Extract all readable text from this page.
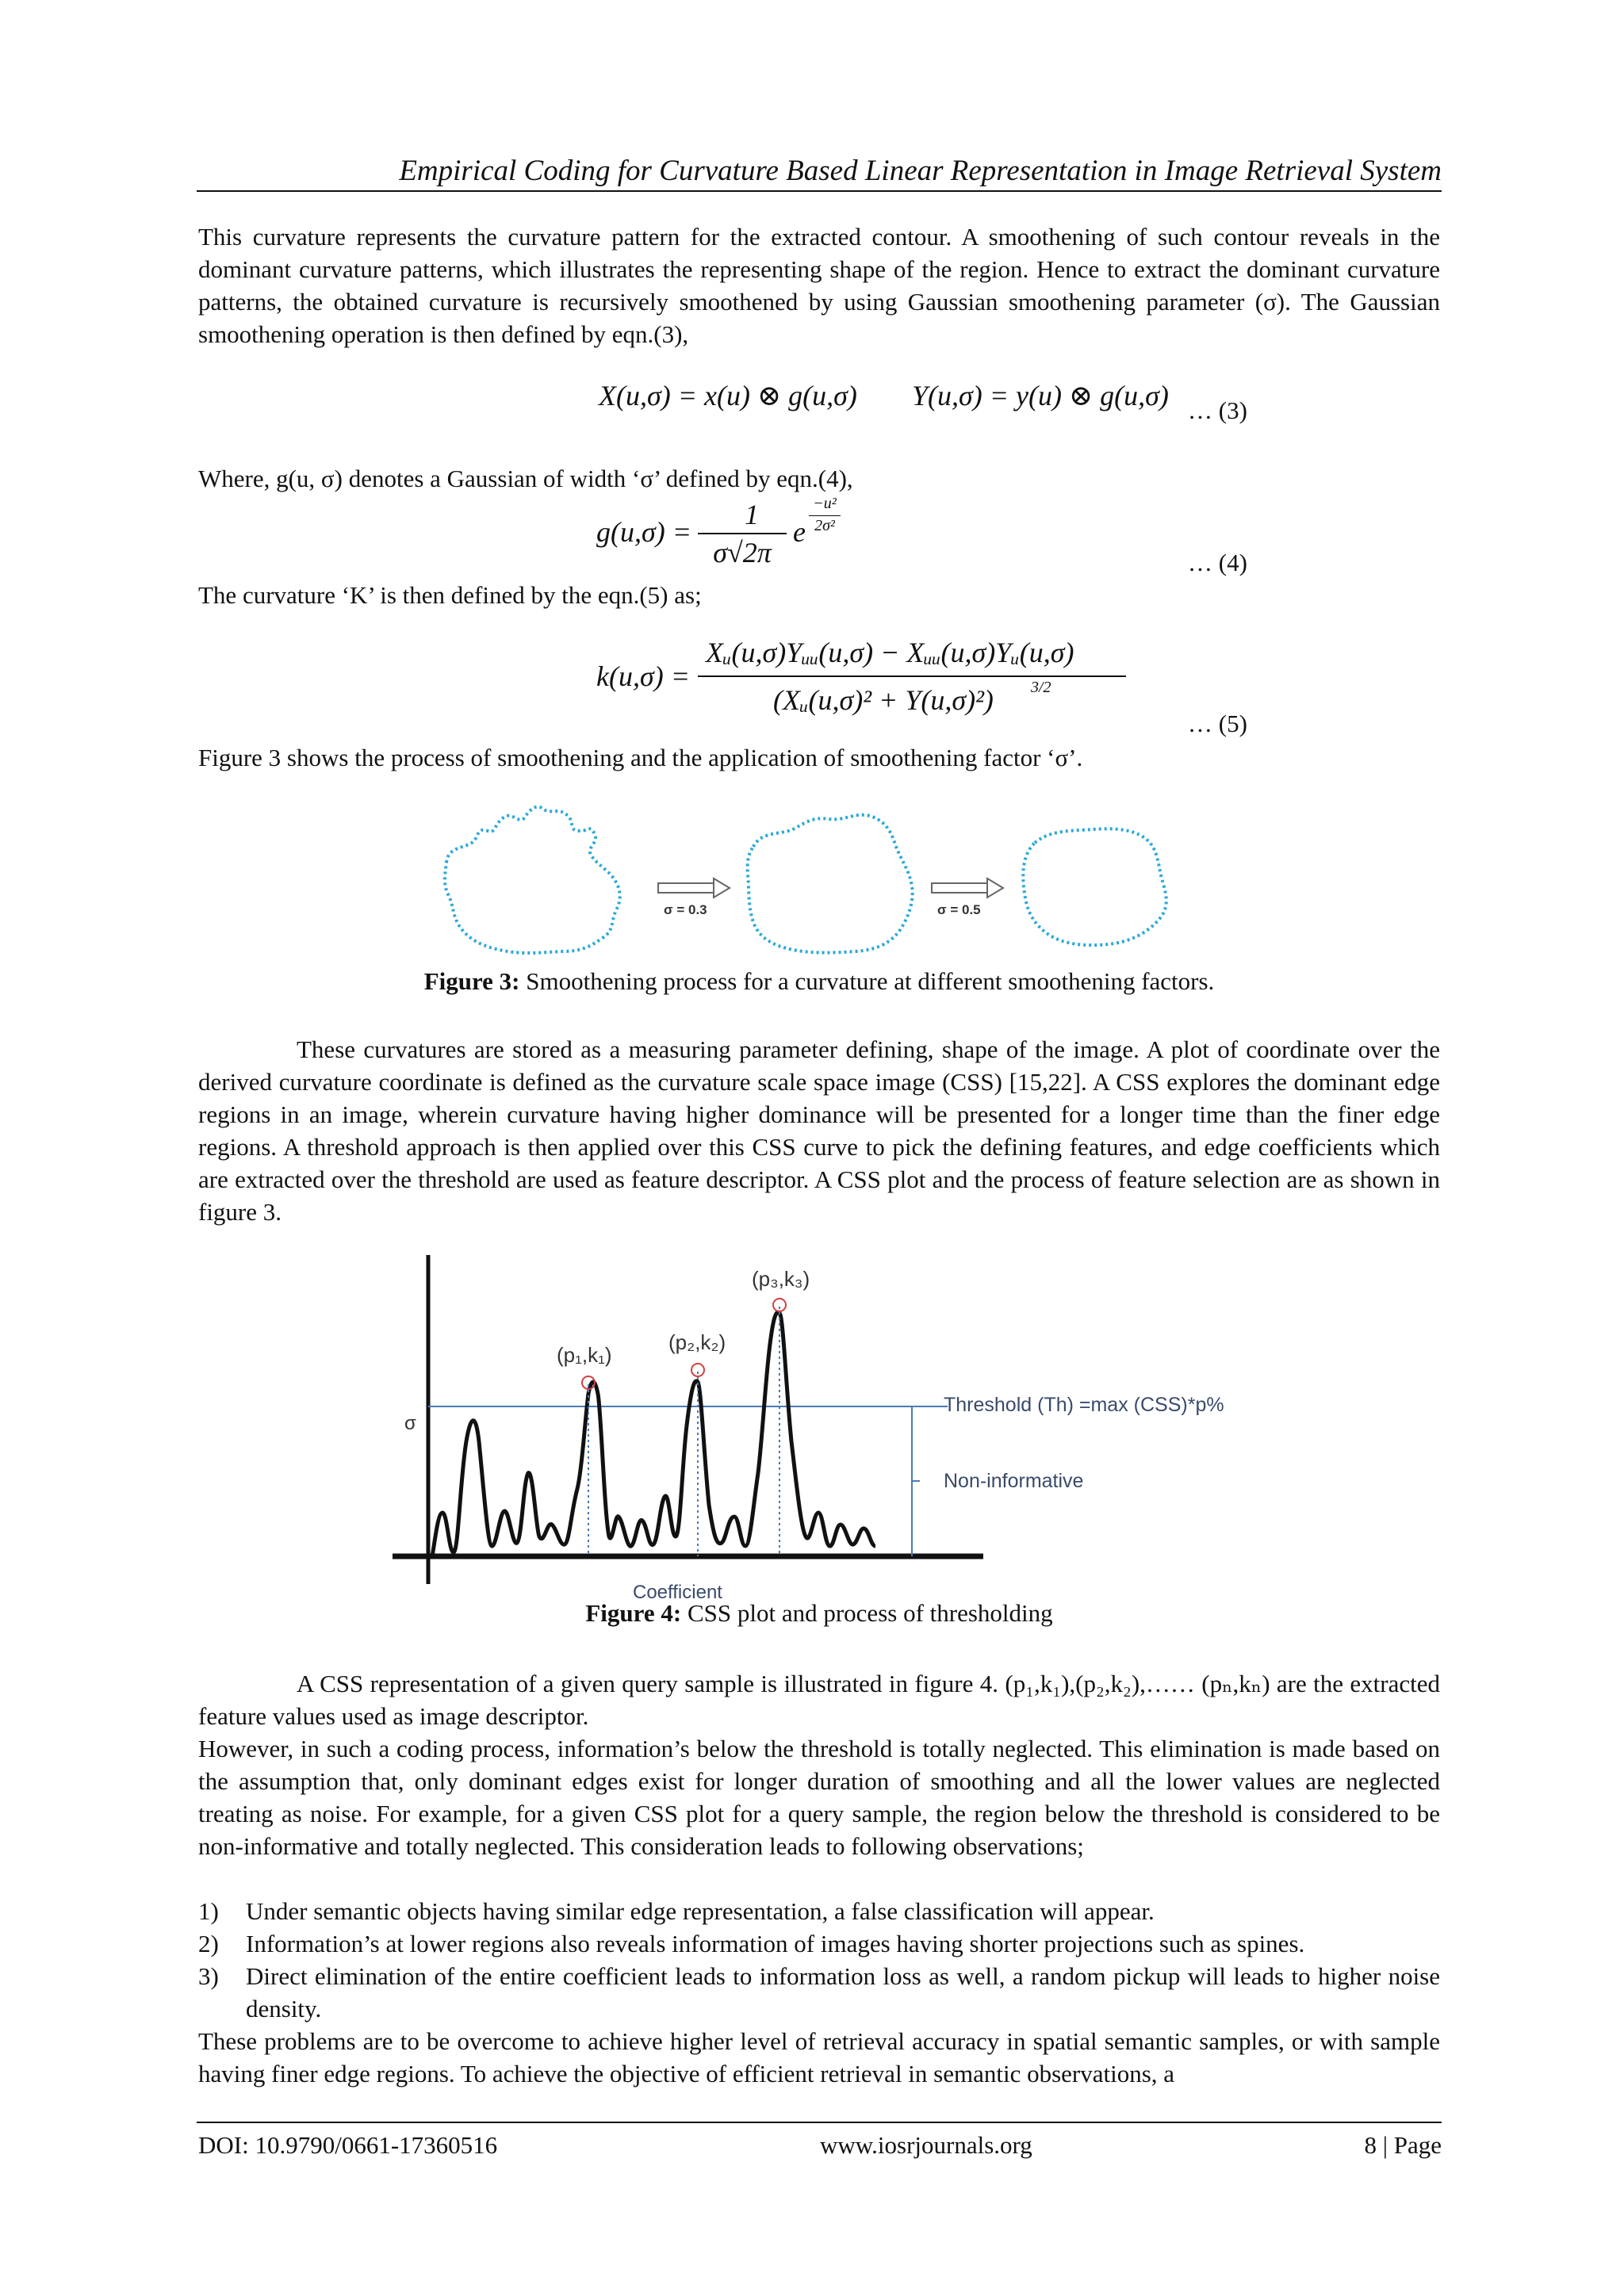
Empirical Coding for Curvature Based Linear Representation in Image Retrieval System
This curvature represents the curvature pattern for the extracted contour. A smoothening of such contour reveals in the dominant curvature patterns, which illustrates the representing shape of the region. Hence to extract the dominant curvature patterns, the obtained curvature is recursively smoothened by using Gaussian smoothening parameter (σ). The Gaussian smoothening operation is then defined by eqn.(3),
X(u,σ) = x(u) ⊗ g(u,σ) Y(u,σ) = y(u) ⊗ g(u,σ) … (3)
Where, g(u, σ) denotes a Gaussian of width ‘σ’ defined by eqn.(4),
g(u,σ) =
1
σ√2π
e
−u²
2σ²
… (4)
The curvature ‘K’ is then defined by the eqn.(5) as;
k(u,σ) =
Xᵤ(u,σ)Yᵤᵤ(u,σ) − Xᵤᵤ(u,σ)Yᵤ(u,σ)
(Xᵤ(u,σ)² + Y(u,σ)²) 3/2
… (5)
Figure 3 shows the process of smoothening and the application of smoothening factor ‘σ’.
σ = 0.3	σ = 0.5
Figure 3: Smoothening process for a curvature at different smoothening factors.
These curvatures are stored as a measuring parameter defining, shape of the image. A plot of coordinate over the derived curvature coordinate is defined as the curvature scale space image (CSS) [15,22]. A CSS explores the dominant edge regions in an image, wherein curvature having higher dominance will be presented for a longer time than the finer edge regions. A threshold approach is then applied over this CSS curve to pick the defining features, and edge coefficients which are extracted over the threshold are used as feature descriptor. A CSS plot and the process of feature selection are as shown in figure 3.
σ
(p₁,k₁)
(p₂,k₂)
(p₃,k₃)
Threshold (Th) =max (CSS)*p%
Non-informative
Coefficient
Figure 4: CSS plot and process of thresholding
A CSS representation of a given query sample is illustrated in figure 4. (p₁,k₁),(p₂,k₂),…… (pₙ,kₙ) are the extracted feature values used as image descriptor.
However, in such a coding process, information’s below the threshold is totally neglected. This elimination is made based on the assumption that, only dominant edges exist for longer duration of smoothing and all the lower values are neglected treating as noise. For example, for a given CSS plot for a query sample, the region below the threshold is considered to be non-informative and totally neglected. This consideration leads to following observations;
1) Under semantic objects having similar edge representation, a false classification will appear.
2) Information’s at lower regions also reveals information of images having shorter projections such as spines.
3) Direct elimination of the entire coefficient leads to information loss as well, a random pickup will leads to higher noise density.
These problems are to be overcome to achieve higher level of retrieval accuracy in spatial semantic samples, or with sample having finer edge regions. To achieve the objective of efficient retrieval in semantic observations, a
DOI: 10.9790/0661-17360516	www.iosrjournals.org	8 | Page
